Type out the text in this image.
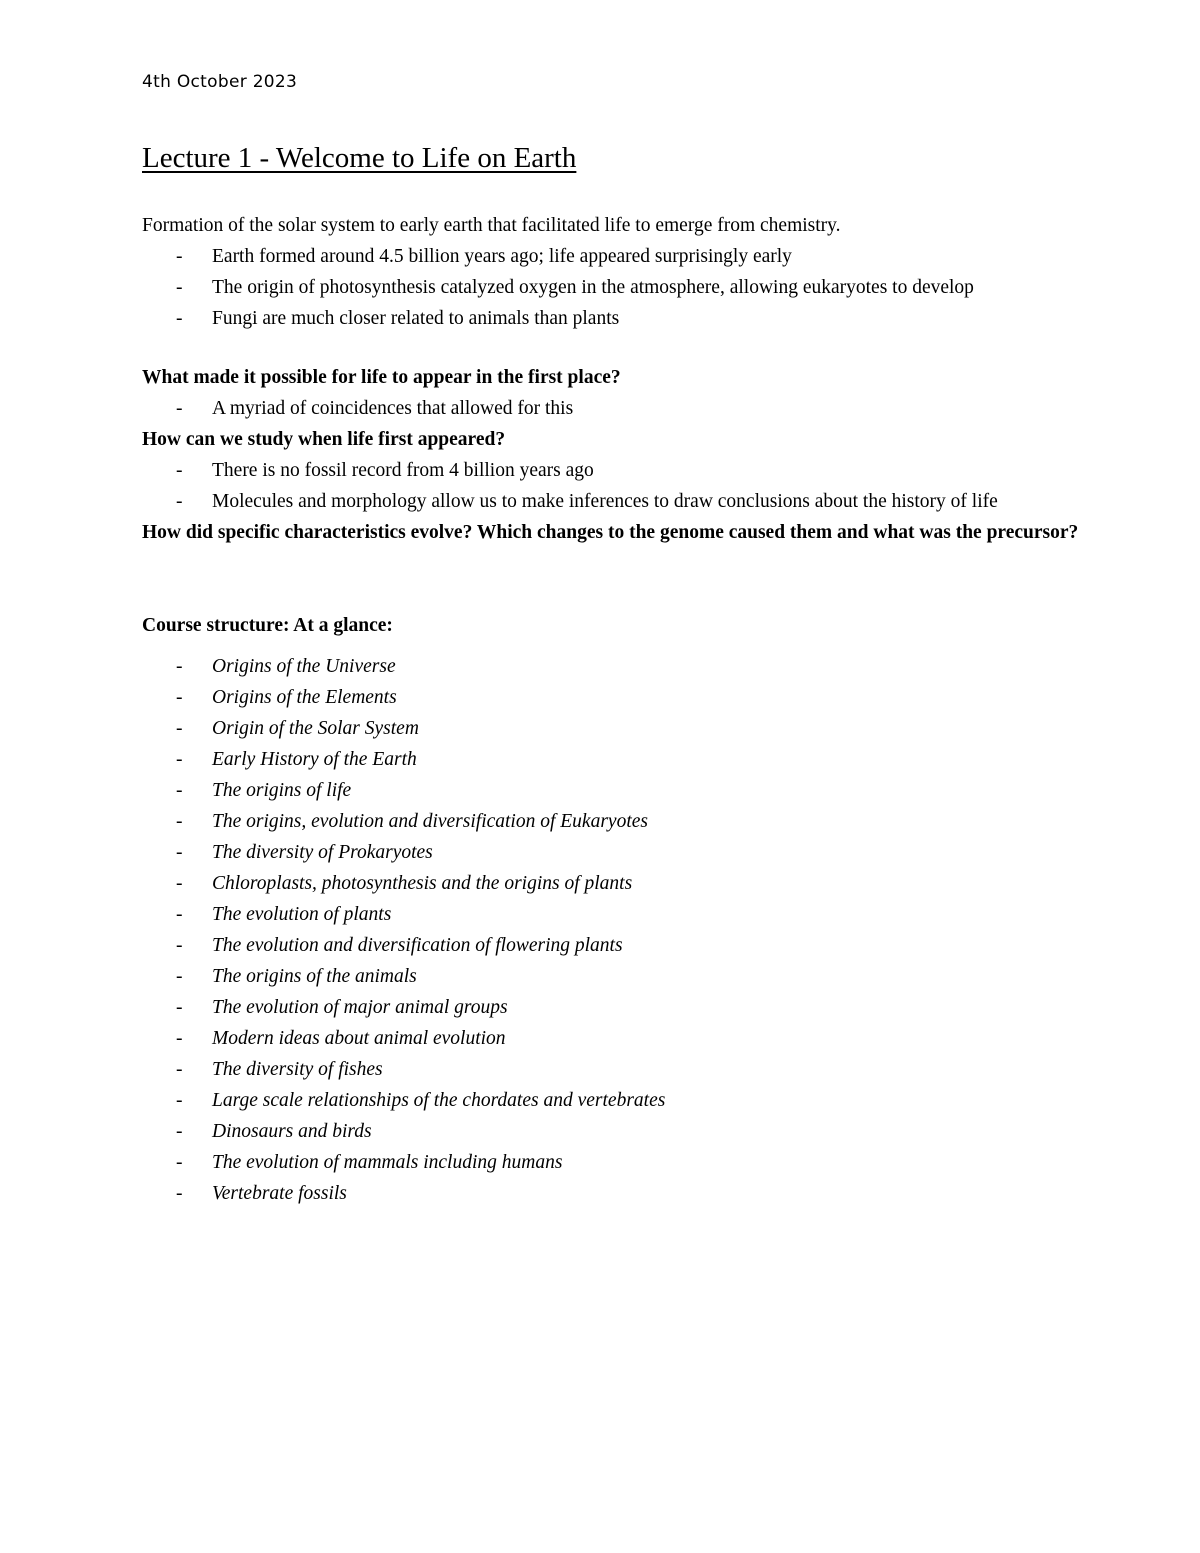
4th October 2023
Lecture 1 - Welcome to Life on Earth

Formation of the solar system to early earth that facilitated life to emerge from chemistry.

- Earth formed around 4.5 billion years ago; life appeared surprisingly early
- The origin of photosynthesis catalyzed oxygen in the atmosphere, allowing eukaryotes to develop
- Fungi are much closer related to animals than plants

What made it possible for life to appear in the first place?

- A myriad of coincidences that allowed for this

How can we study when life first appeared?

- There is no fossil record from 4 billion years ago
- Molecules and morphology allow us to make inferences to draw conclusions about the history of life

How did specific characteristics evolve? Which changes to the genome caused them and what was the precursor?

Course structure: At a glance:

- Origins of the Universe
- Origins of the Elements
- Origin of the Solar System
- Early History of the Earth
- The origins of life
- The origins, evolution and diversification of Eukaryotes
- The diversity of Prokaryotes
- Chloroplasts, photosynthesis and the origins of plants
- The evolution of plants
- The evolution and diversification of flowering plants
- The origins of the animals
- The evolution of major animal groups
- Modern ideas about animal evolution
- The diversity of fishes
- Large scale relationships of the chordates and vertebrates
- Dinosaurs and birds
- The evolution of mammals including humans
- Vertebrate fossils
